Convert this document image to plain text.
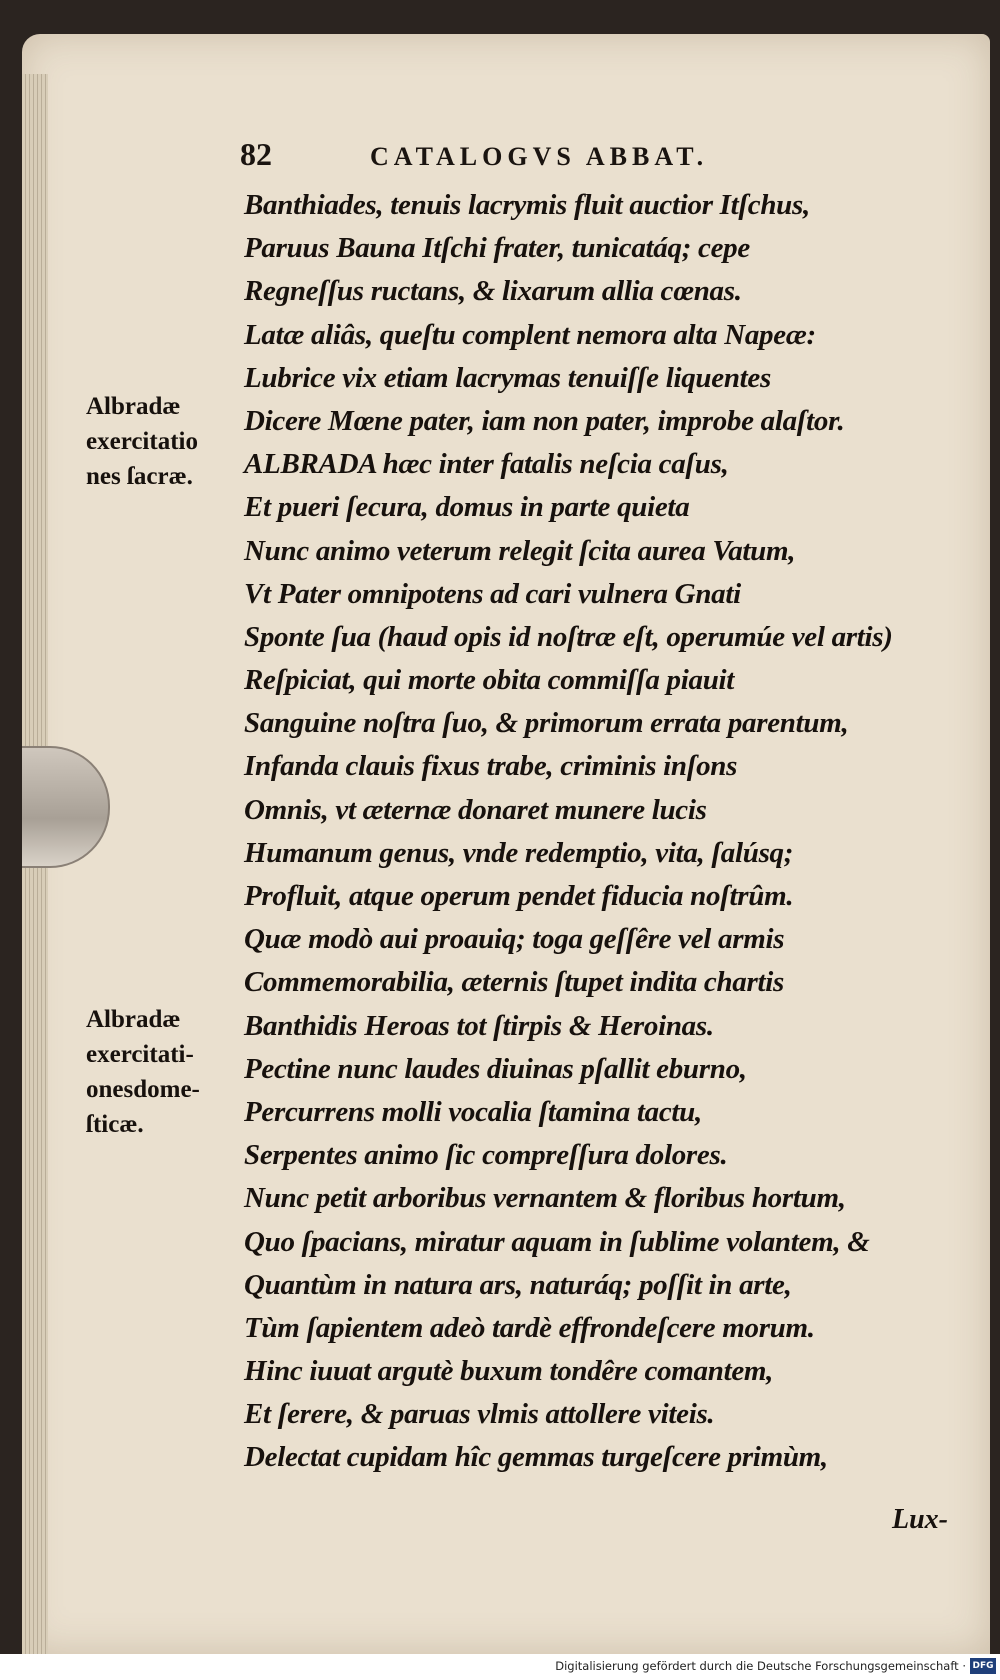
82	CATALOGVS ABBAT.
Banthiades, tenuis lacrymis fluit auctior Itſchus,
Paruus Bauna Itſchi frater, tunicatáq; cepe
Regneſſus ructans, & lixarum allia cœnas.
Latæ aliâs, queſtu complent nemora alta Napeæ:
Lubrice vix etiam lacrymas tenuiſſe liquentes
Dicere Mœne pater, iam non pater, improbe alaſtor.
ALBRADA hæc inter fatalis neſcia caſus,
Et pueri ſecura, domus in parte quieta
Nunc animo veterum relegit ſcita aurea Vatum,
Vt Pater omnipotens ad cari vulnera Gnati
Sponte ſua (haud opis id noſtræ eſt, operumúe vel artis)
Reſpiciat, qui morte obita commiſſa piauit
Sanguine noſtra ſuo, & primorum errata parentum,
Infanda clauis fixus trabe, criminis inſons
Omnis, vt æternæ donaret munere lucis
Humanum genus, vnde redemptio, vita, ſalúsq;
Profluit, atque operum pendet fiducia noſtrûm.
Quæ modò aui proauiq; toga geſſêre vel armis
Commemorabilia, æternis ſtupet indita chartis
Banthidis Heroas tot ſtirpis & Heroinas.
Pectine nunc laudes diuinas pſallit eburno,
Percurrens molli vocalia ſtamina tactu,
Serpentes animo ſic compreſſura dolores.
Nunc petit arboribus vernantem & floribus hortum,
Quo ſpacians, miratur aquam in ſublime volantem, &
Quantùm in natura ars, naturáq; poſſit in arte,
Tùm ſapientem adeò tardè effrondeſcere morum.
Hinc iuuat argutè buxum tondêre comantem,
Et ſerere, & paruas vlmis attollere viteis.
Delectat cupidam hîc gemmas turgeſcere primùm,
Albradæ
exercitatio
nes ſacræ.
Albradæ
exercitati-
onesdome-
ſticæ.
Lux-
Digitalisierung gefördert durch die Deutsche Forschungsgemeinschaft · DFG
